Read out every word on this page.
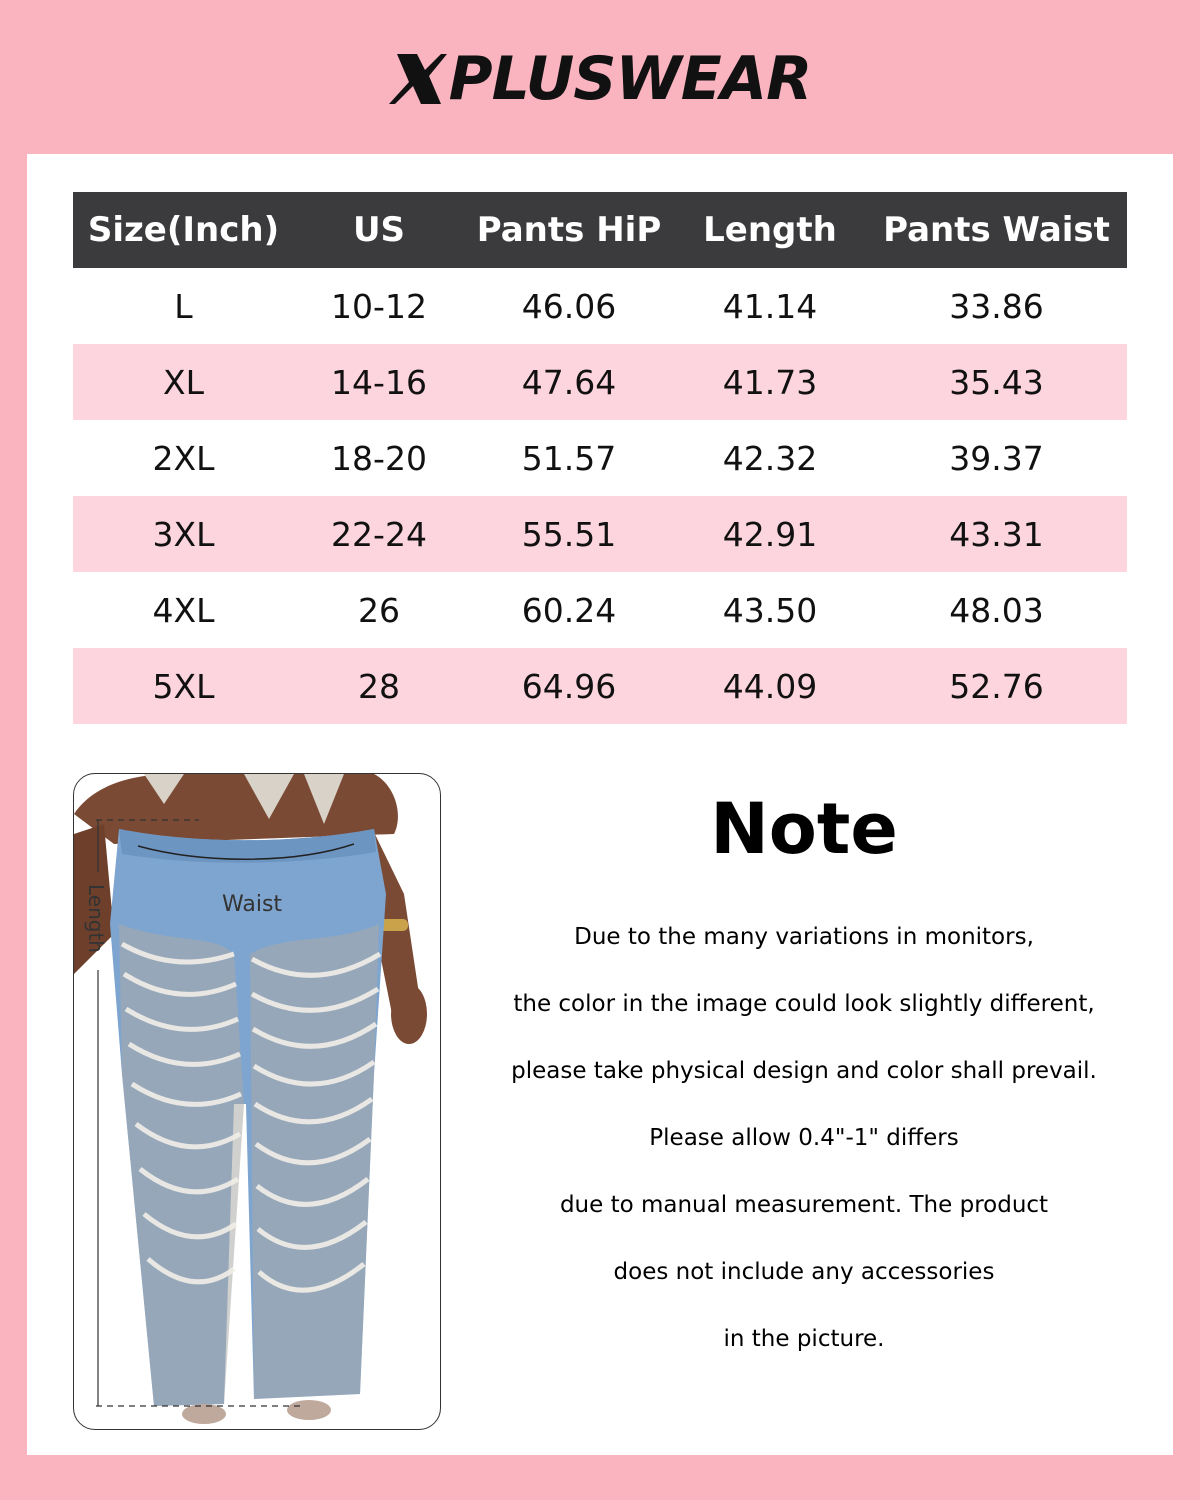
PLUSWEAR
Size(Inch)	US	Pants HiP	Length	Pants Waist
L	10-12	46.06	41.14	33.86
XL	14-16	47.64	41.73	35.43
2XL	18-20	51.57	42.32	39.37
3XL	22-24	55.51	42.91	43.31
4XL	26	60.24	43.50	48.03
5XL	28	64.96	44.09	52.76
Length	Waist
Note
Due to the many variations in monitors,
the color in the image could look slightly different,
please take physical design and color shall prevail.
Please allow 0.4"-1" differs
due to manual measurement. The product
does not include any accessories
in the picture.
